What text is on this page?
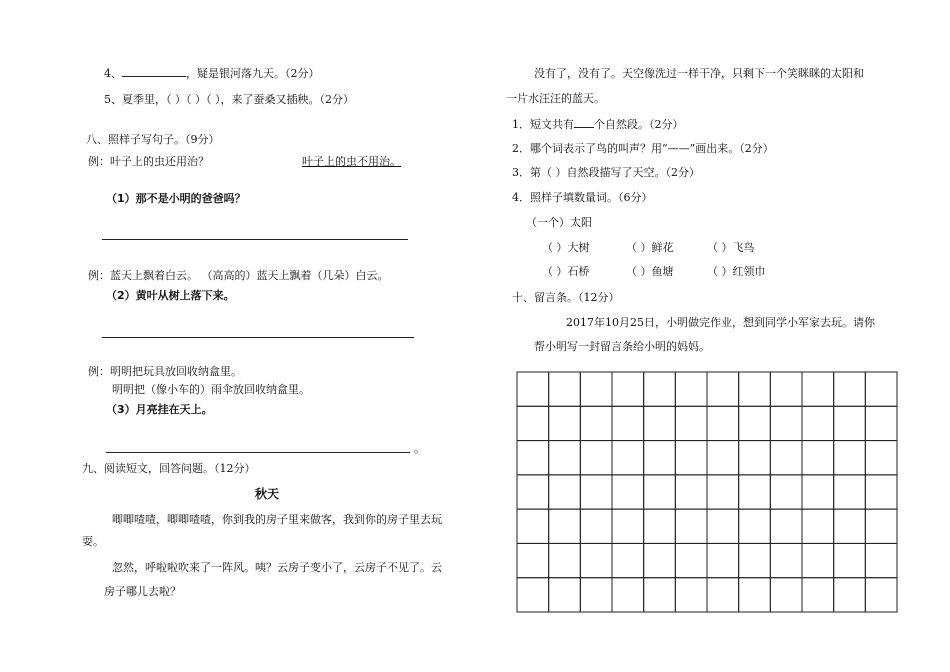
4、	，疑是银河落九天。（2分）
5、夏季里，（ ）（ ）（ ），来了蚕桑又插秧。（2分）
八、照样子写句子。（9分）
例：叶子上的虫还用治？	叶子上的虫不用治。
（1）那不是小明的爸爸吗？
例：蓝天上飘着白云。 （高高的）蓝天上飘着（几朵）白云。
（2）黄叶从树上落下来。
例：明明把玩具放回收纳盒里。
明明把（像小车的）雨伞放回收纳盒里。
（3）月亮挂在天上。
。
九、阅读短文，回答问题。（12分）
秋天
唧唧喳喳，唧唧喳喳，你到我的房子里来做客，我到你的房子里去玩
耍。
忽然，呼啦啦吹来了一阵风。咦？云房子变小了，云房子不见了。云
房子哪儿去啦？
没有了，没有了。天空像洗过一样干净，只剩下一个笑眯眯的太阳和
一片水汪汪的蓝天。
1．短文共有 个自然段。（2分）
2．哪个词表示了鸟的叫声？用“——”画出来。（2分）
3．第（ ）自然段描写了天空。（2分）
4．照样子填数量词。（6分）
（一个）太阳
（ ）大树	（ ）鲜花	（ ）飞鸟
（ ）石桥	（ ）鱼塘	（ ）红领巾
十、留言条。（12分）
2017年10月25日，小明做完作业，想到同学小军家去玩。请你
帮小明写一封留言条给小明的妈妈。
